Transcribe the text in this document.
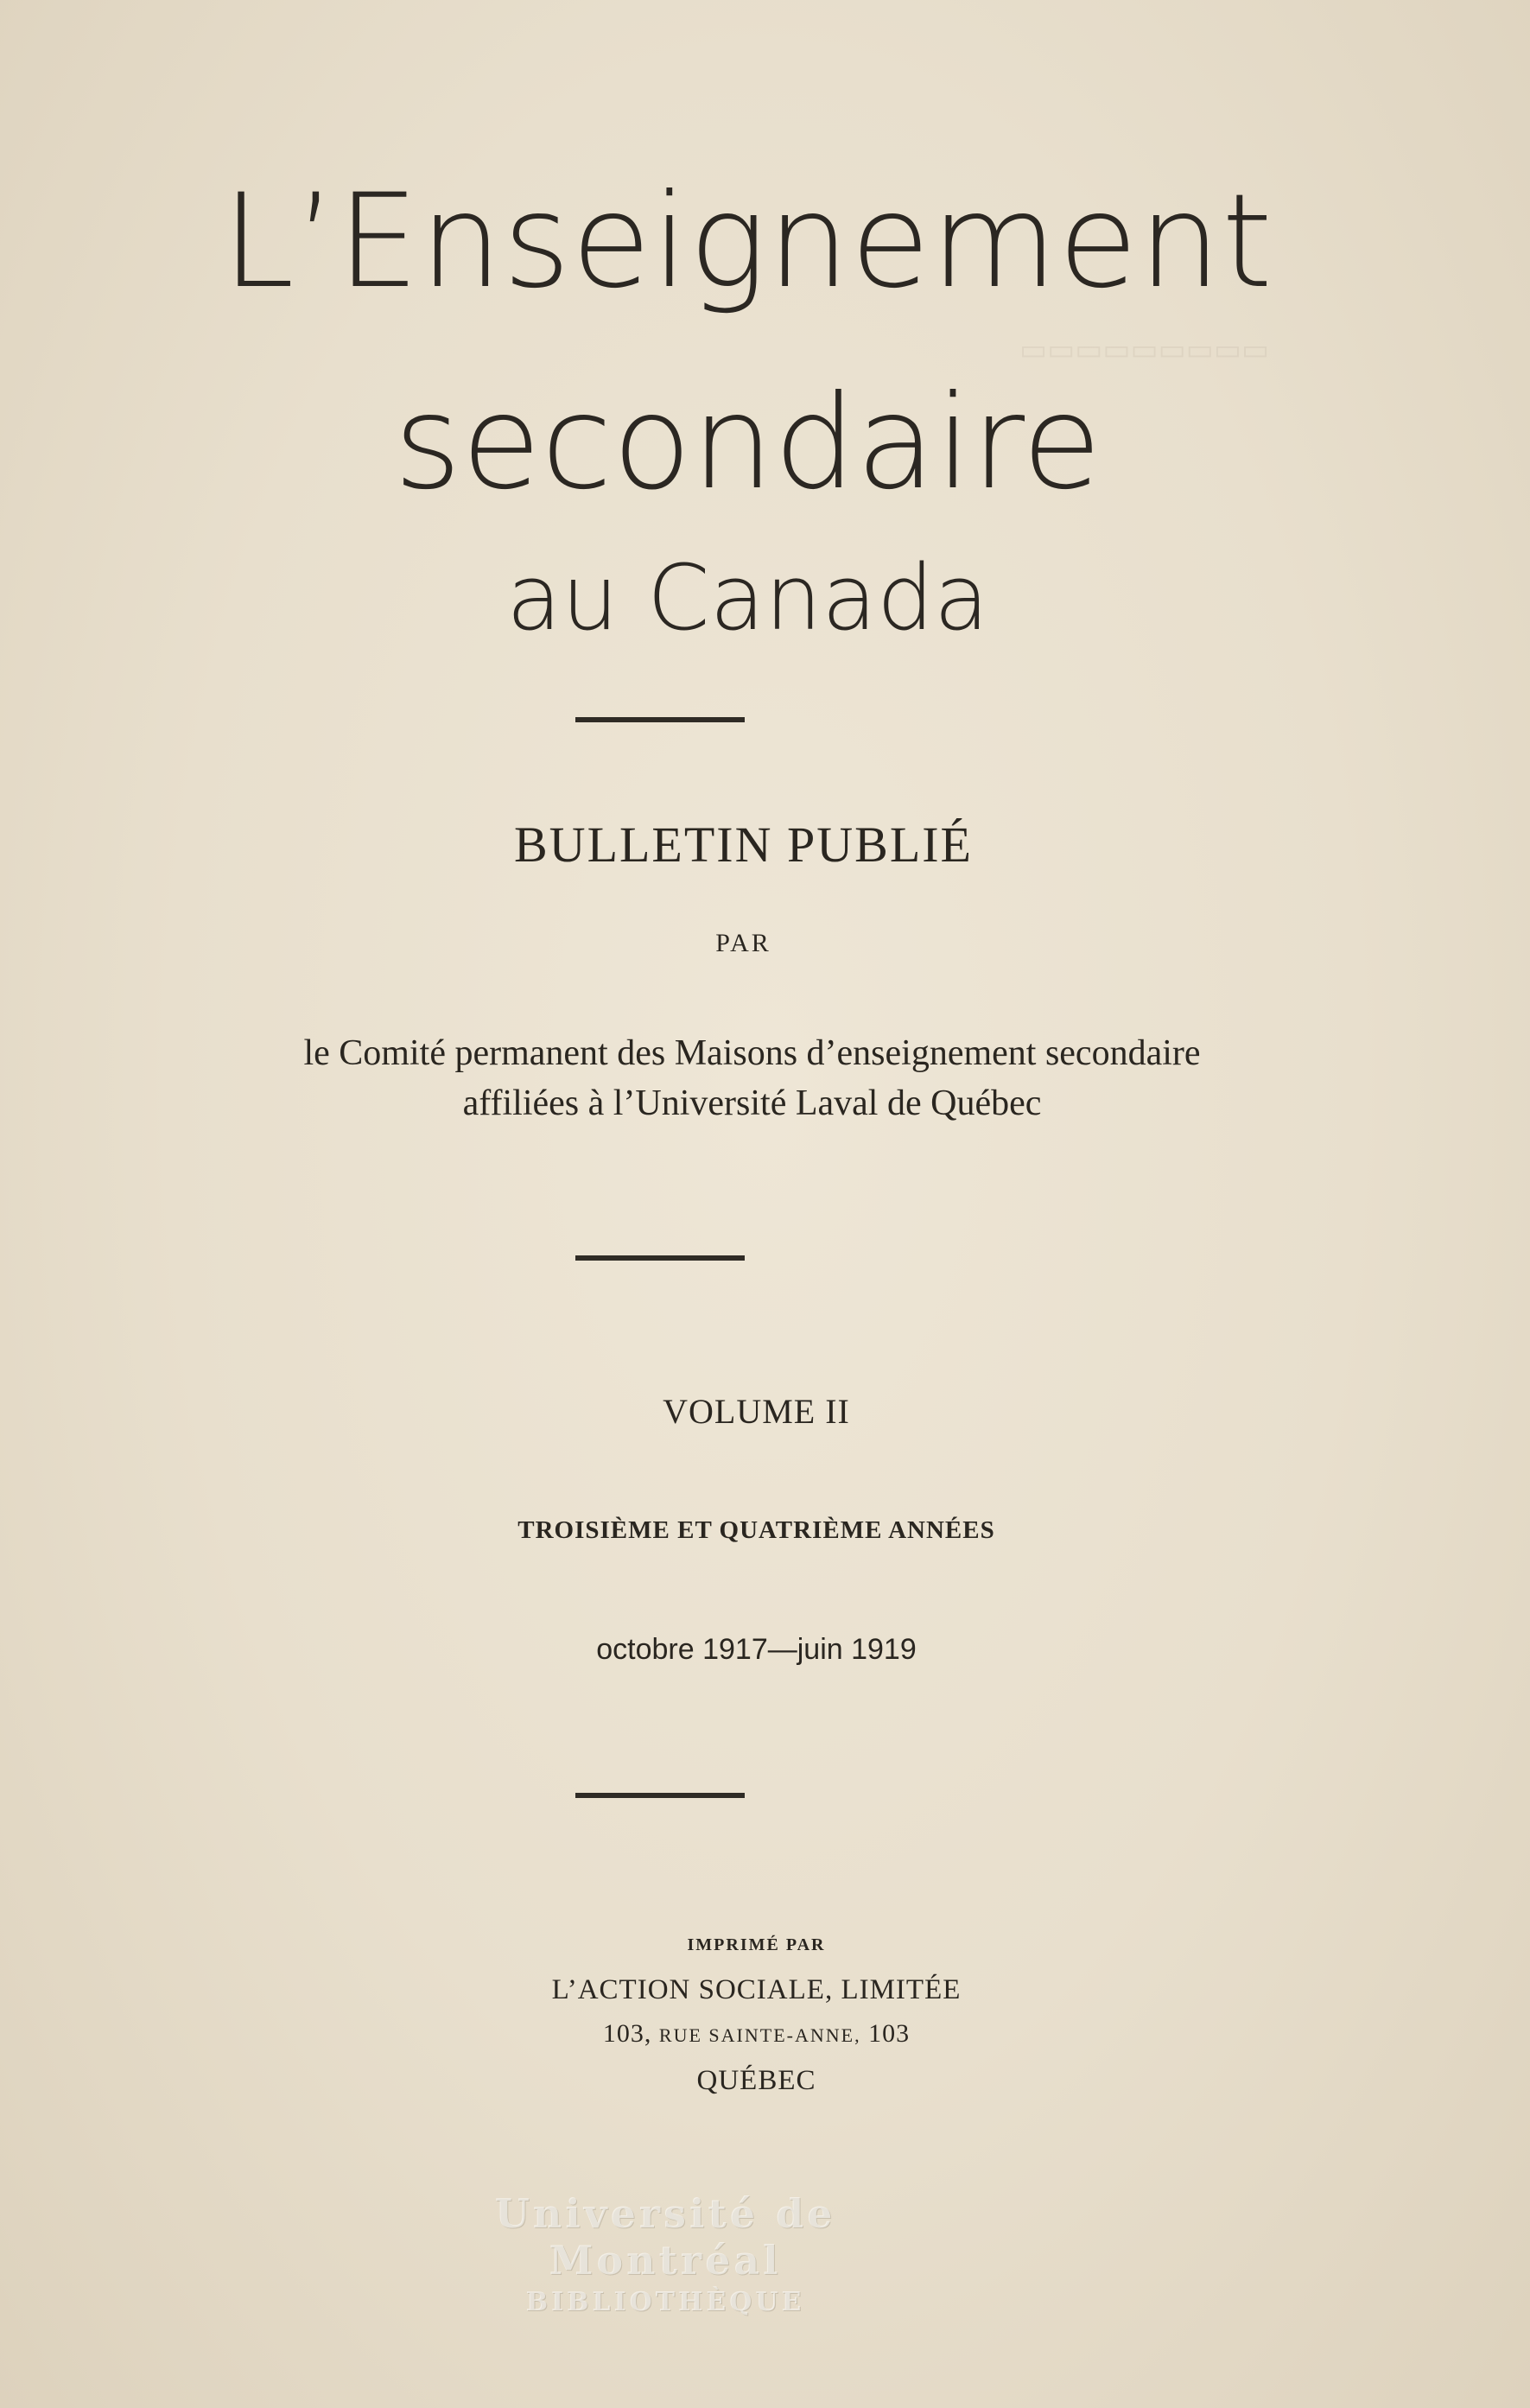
▭▭▭▭▭▭▭▭▭
L’Enseignement
secondaire
au Canada
BULLETIN PUBLIÉ
PAR
le Comité permanent des Maisons d’enseignement secondaire
affiliées à l’Université Laval de Québec
VOLUME II
TROISIÈME ET QUATRIÈME ANNÉES
octobre 1917—juin 1919
IMPRIMÉ PAR
L’ACTION SOCIALE, LIMITÉE
103, RUE SAINTE-ANNE, 103
QUÉBEC
Université de Montréal
BIBLIOTHÈQUE
